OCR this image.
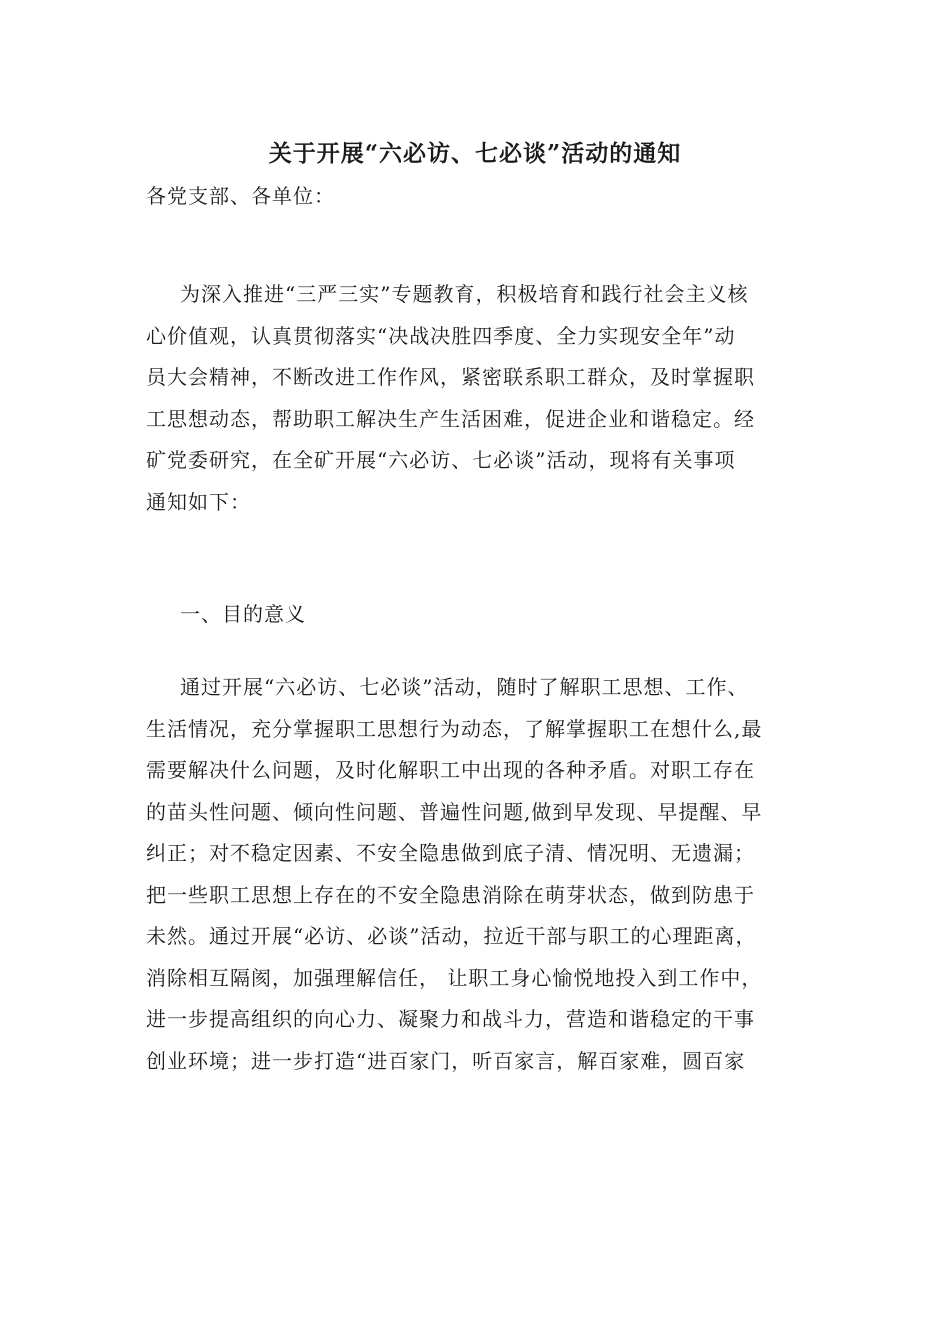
关于开展“六必访、七必谈”活动的通知
各党支部、各单位：
为深入推进“三严三实”专题教育，积极培育和践行社会主义核
心价值观，认真贯彻落实“决战决胜四季度、全力实现安全年”动
员大会精神，不断改进工作作风，紧密联系职工群众，及时掌握职
工思想动态，帮助职工解决生产生活困难，促进企业和谐稳定。经
矿党委研究，在全矿开展“六必访、七必谈”活动，现将有关事项
通知如下：
一、目的意义
通过开展“六必访、七必谈”活动，随时了解职工思想、工作、
生活情况，充分掌握职工思想行为动态，了解掌握职工在想什么,最
需要解决什么问题，及时化解职工中出现的各种矛盾。对职工存在
的苗头性问题、倾向性问题、普遍性问题,做到早发现、早提醒、早
纠正；对不稳定因素、不安全隐患做到底子清、情况明、无遗漏；
把一些职工思想上存在的不安全隐患消除在萌芽状态，做到防患于
未然。通过开展“必访、必谈”活动，拉近干部与职工的心理距离，
消除相互隔阂，加强理解信任， 让职工身心愉悦地投入到工作中，
进一步提高组织的向心力、凝聚力和战斗力，营造和谐稳定的干事
创业环境；进一步打造“进百家门，听百家言，解百家难，圆百家
